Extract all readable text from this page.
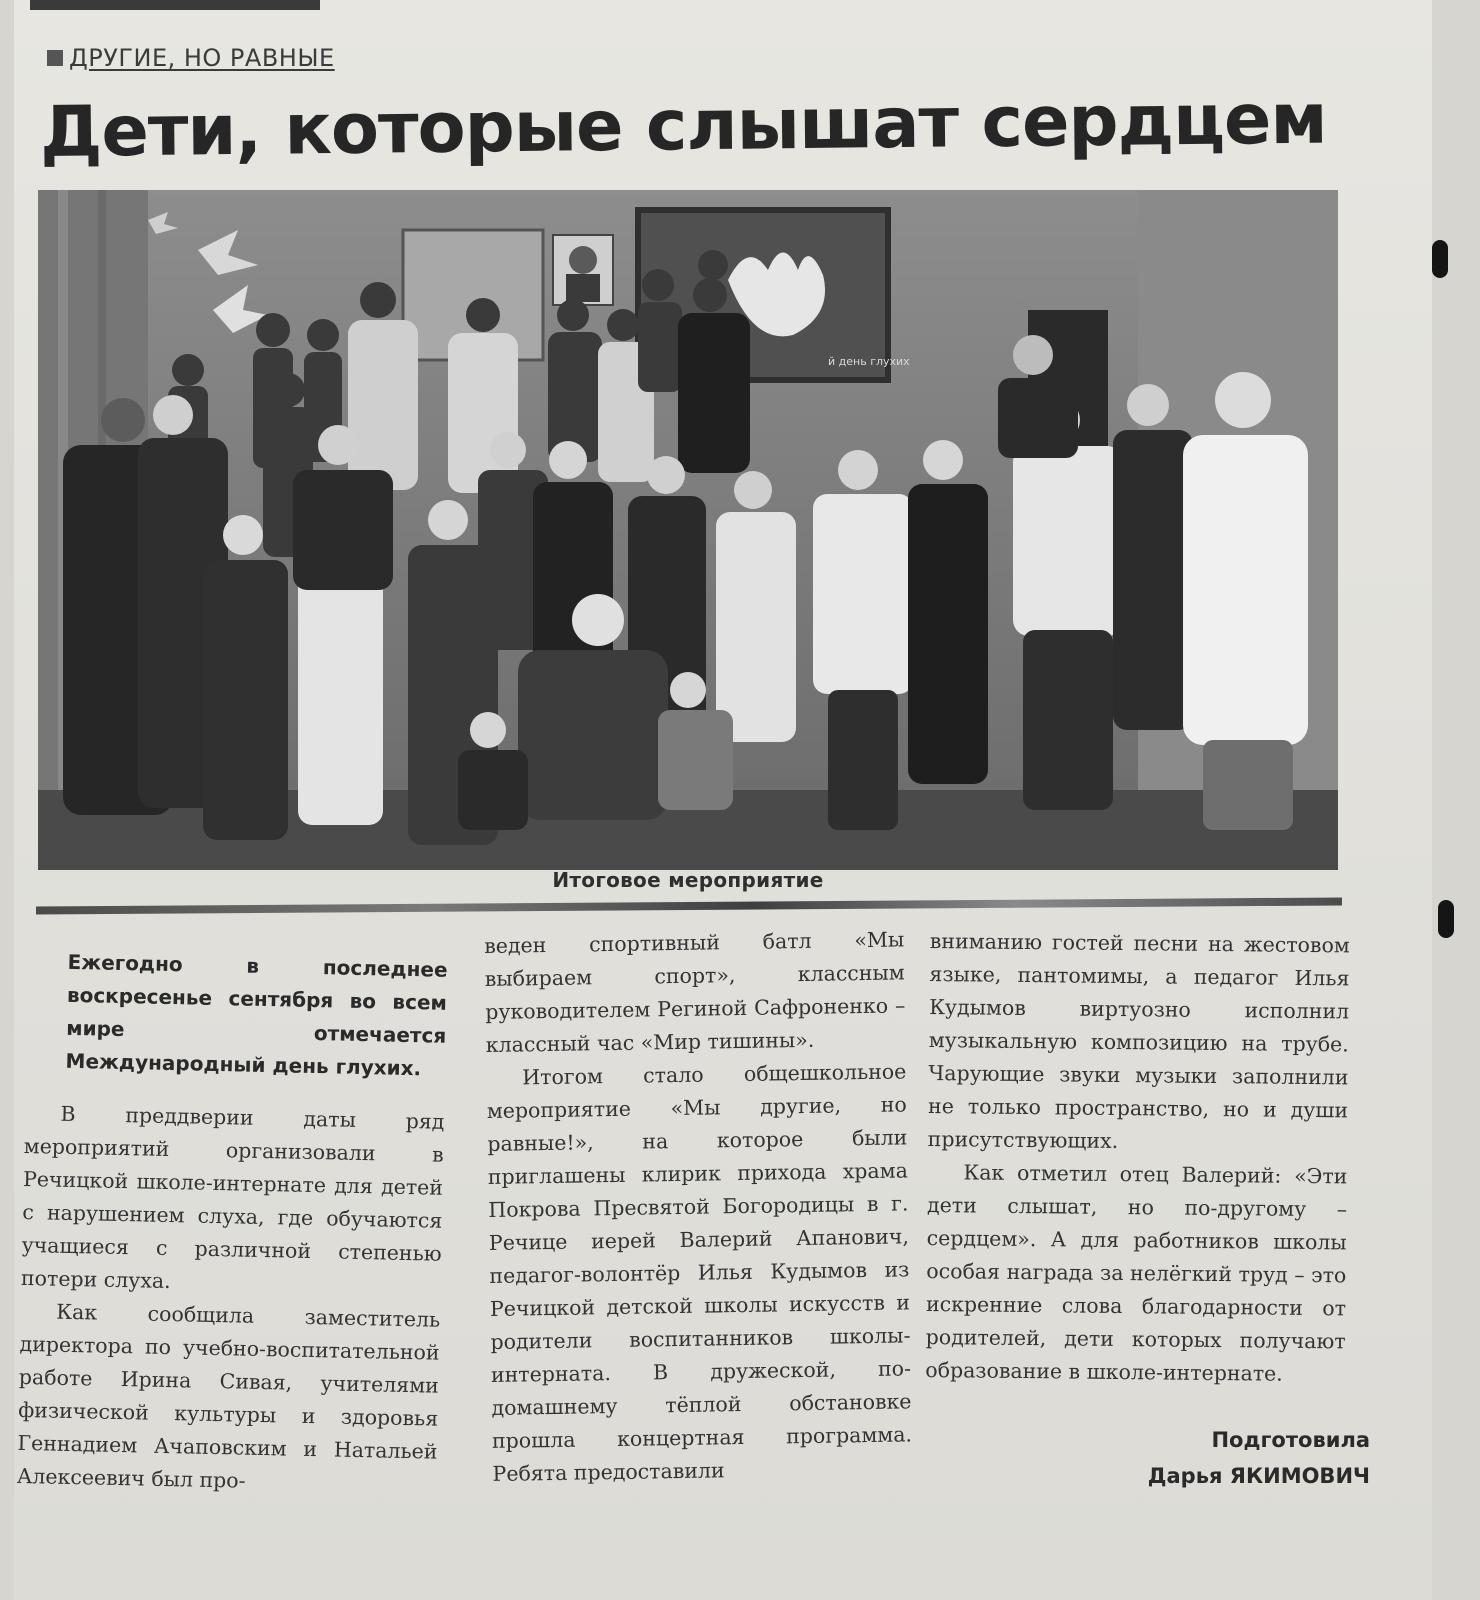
ДРУГИЕ, НО РАВНЫЕ
Дети, которые слышат сердцем
й день глухих
Итоговое мероприятие

Ежегодно в последнее воскресенье сентября во всем мире отмечается Международный день глухих.

В преддверии даты ряд мероприятий организовали в Речицкой школе-интернате для детей с нарушением слуха, где обучаются учащиеся с различной степенью потери слуха.

Как сообщила заместитель директора по учебно-воспитательной работе Ирина Сивая, учителями физической культуры и здоровья Геннадием Ачаповским и Натальей Алексеевич был про-

веден спортивный батл «Мы выбираем спорт», классным руководителем Региной Сафроненко – классный час «Мир тишины».

Итогом стало общешкольное мероприятие «Мы другие, но равные!», на которое были приглашены клирик прихода храма Покрова Пресвятой Богородицы в г. Речице иерей Валерий Апанович, педагог-волонтёр Илья Кудымов из Речицкой детской школы искусств и родители воспитанников школы-интерната. В дружеской, по-домашнему тёплой обстановке прошла концертная программа. Ребята предоставили

вниманию гостей песни на жестовом языке, пантомимы, а педагог Илья Кудымов виртуозно исполнил музыкальную композицию на трубе. Чарующие звуки музыки заполнили не только пространство, но и души присутствующих.

Как отметил отец Валерий: «Эти дети слышат, но по-другому – сердцем». А для работников школы особая награда за нелёгкий труд – это искренние слова благодарности от родителей, дети которых получают образование в школе-интернате.

Подготовила
Дарья ЯКИМОВИЧ
